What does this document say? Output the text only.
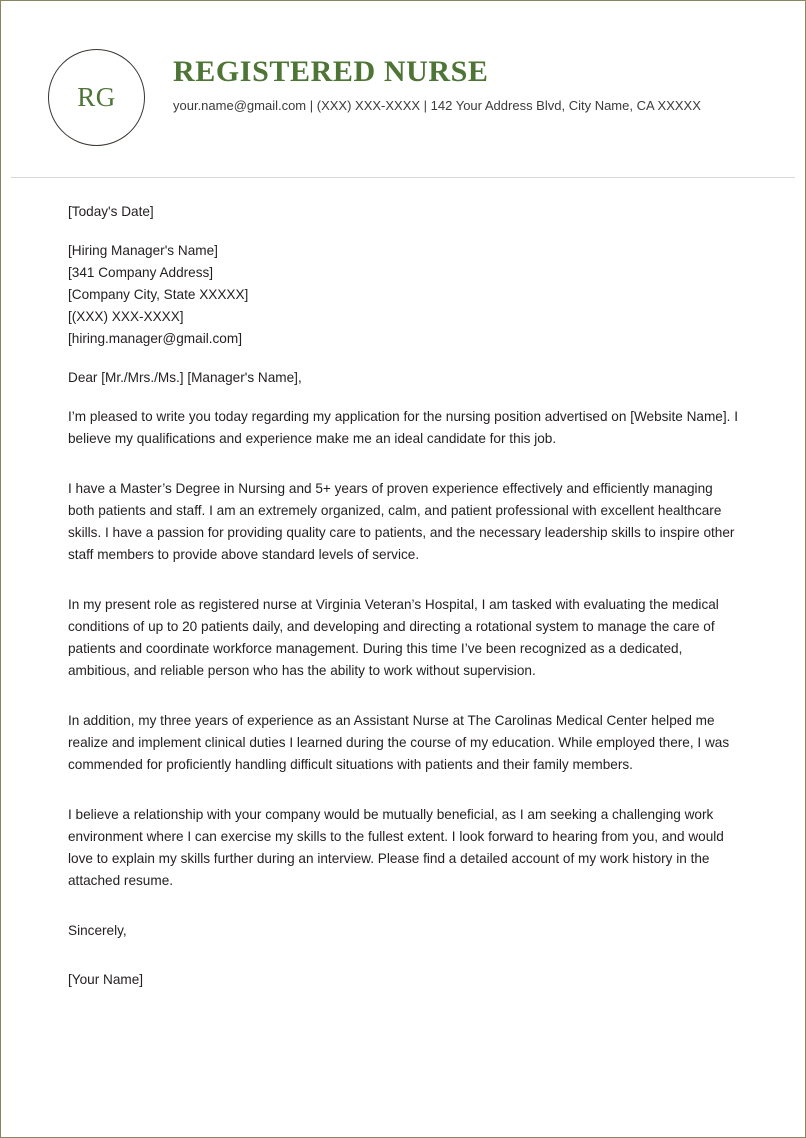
RG
REGISTERED NURSE

your.name@gmail.com | (XXX) XXX-XXXX | 142 Your Address Blvd, City Name, CA XXXXX

[Today's Date]
[Hiring Manager's Name]
[341 Company Address]
[Company City, State XXXXX]
[(XXX) XXX-XXXX]
[hiring.manager@gmail.com]
Dear [Mr./Mrs./Ms.] [Manager's Name],

I’m pleased to write you today regarding my application for the nursing position advertised on [Website Name]. I believe my qualifications and experience make me an ideal candidate for this job.

I have a Master’s Degree in Nursing and 5+ years of proven experience effectively and efficiently managing both patients and staff. I am an extremely organized, calm, and patient professional with excellent healthcare skills. I have a passion for providing quality care to patients, and the necessary leadership skills to inspire other staff members to provide above standard levels of service.

In my present role as registered nurse at Virginia Veteran’s Hospital, I am tasked with evaluating the medical conditions of up to 20 patients daily, and developing and directing a rotational system to manage the care of patients and coordinate workforce management. During this time I’ve been recognized as a dedicated, ambitious, and reliable person who has the ability to work without supervision.

In addition, my three years of experience as an Assistant Nurse at The Carolinas Medical Center helped me realize and implement clinical duties I learned during the course of my education. While employed there, I was commended for proficiently handling difficult situations with patients and their family members.

I believe a relationship with your company would be mutually beneficial, as I am seeking a challenging work environment where I can exercise my skills to the fullest extent. I look forward to hearing from you, and would love to explain my skills further during an interview. Please find a detailed account of my work history in the attached resume.

Sincerely,
[Your Name]
